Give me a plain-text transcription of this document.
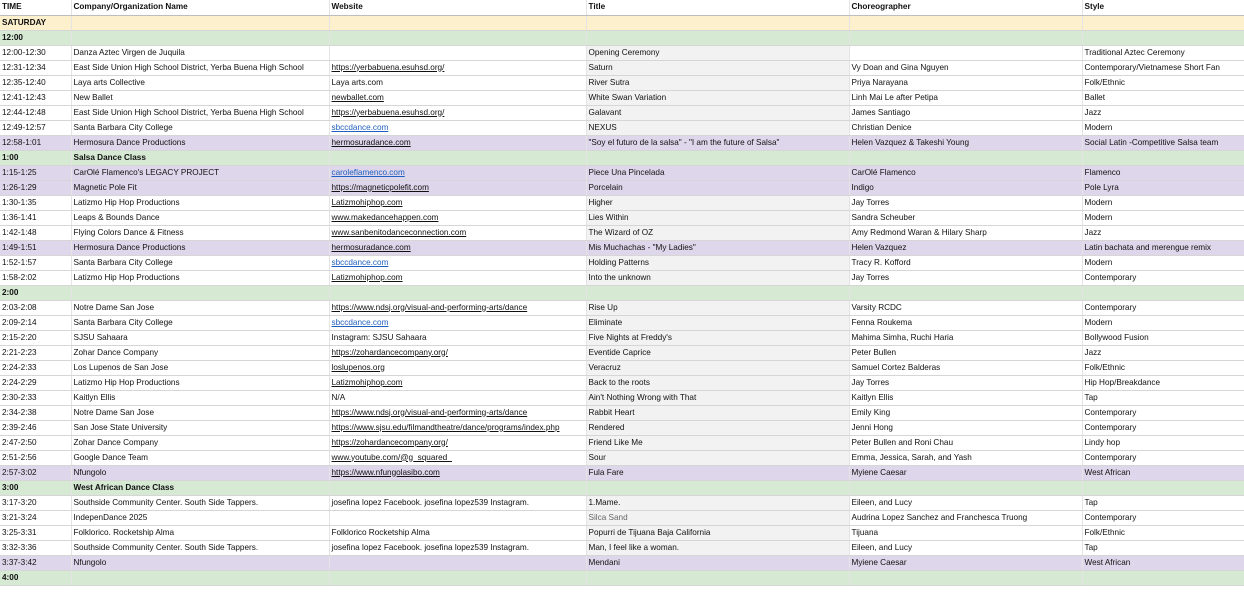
TIME	Company/Organization Name	Website	Title	Choreographer	Style
SATURDAY					
12:00					
12:00-12:30	Danza Aztec Virgen de Juquila		Opening Ceremony		Traditional Aztec Ceremony
12:31-12:34	East Side Union High School District, Yerba Buena High School	https://yerbabuena.esuhsd.org/	Saturn	Vy Doan and Gina Nguyen	Contemporary/Vietnamese Short Fan
12:35-12:40	Laya arts Collective	Laya arts.com	River Sutra	Priya Narayana	Folk/Ethnic
12:41-12:43	New Ballet	newballet.com	White Swan Variation	Linh Mai Le after Petipa	Ballet
12:44-12:48	East Side Union High School District, Yerba Buena High School	https://yerbabuena.esuhsd.org/	Galavant	James Santiago	Jazz
12:49-12:57	Santa Barbara City College	sbccdance.com	NEXUS	Christian Denice	Modern
12:58-1:01	Hermosura Dance Productions	hermosuradance.com	"Soy el futuro de la salsa" - "I am the future of Salsa"	Helen Vazquez & Takeshi Young	Social Latin -Competitive Salsa team
1:00	Salsa Dance Class				
1:15-1:25	CarOlé Flamenco's LEGACY PROJECT	caroleflamenco.com	Piece Una Pincelada	CarOlé Flamenco	Flamenco
1:26-1:29	Magnetic Pole Fit	https://magneticpolefit.com	Porcelain	Indigo	Pole Lyra
1:30-1:35	Latizmo Hip Hop Productions	Latizmohiphop.com	Higher	Jay Torres	Modern
1:36-1:41	Leaps & Bounds Dance	www.makedancehappen.com	Lies Within	Sandra Scheuber	Modern
1:42-1:48	Flying Colors Dance & Fitness	www.sanbenitodanceconnection.com	The Wizard of OZ	Amy Redmond Waran & Hilary Sharp	Jazz
1:49-1:51	Hermosura Dance Productions	hermosuradance.com	Mis Muchachas - "My Ladies"	Helen Vazquez	Latin bachata and merengue remix
1:52-1:57	Santa Barbara City College	sbccdance.com	Holding Patterns	Tracy R. Kofford	Modern
1:58-2:02	Latizmo Hip Hop Productions	Latizmohiphop.com	Into the unknown	Jay Torres	Contemporary
2:00					
2:03-2:08	Notre Dame San Jose	https://www.ndsj.org/visual-and-performing-arts/dance	Rise Up	Varsity RCDC	Contemporary
2:09-2:14	Santa Barbara City College	sbccdance.com	Eliminate	Fenna Roukema	Modern
2:15-2:20	SJSU Sahaara	Instagram: SJSU Sahaara	Five Nights at Freddy's	Mahima Simha, Ruchi Haria	Bollywood Fusion
2:21-2:23	Zohar Dance Company	https://zohardancecompany.org/	Eventide Caprice	Peter Bullen	Jazz
2:24-2:33	Los Lupenos de San Jose	loslupenos.org	Veracruz	Samuel Cortez Balderas	Folk/Ethnic
2:24-2:29	Latizmo Hip Hop Productions	Latizmohiphop.com	Back to the roots	Jay Torres	Hip Hop/Breakdance
2:30-2:33	Kaitlyn Ellis	N/A	Ain't Nothing Wrong with That	Kaitlyn Ellis	Tap
2:34-2:38	Notre Dame San Jose	https://www.ndsj.org/visual-and-performing-arts/dance	Rabbit Heart	Emily King	Contemporary
2:39-2:46	San Jose State University	https://www.sjsu.edu/filmandtheatre/dance/programs/index.php	Rendered	Jenni Hong	Contemporary
2:47-2:50	Zohar Dance Company	https://zohardancecompany.org/	Friend Like Me	Peter Bullen and Roni Chau	Lindy hop
2:51-2:56	Google Dance Team	www.youtube.com/@g_squared_	Sour	Emma, Jessica, Sarah, and Yash	Contemporary
2:57-3:02	Nfungolo	https://www.nfungolasibo.com	Fula Fare	Myiene Caesar	West African
3:00	West African Dance Class				
3:17-3:20	Southside Community Center. South Side Tappers.	josefina lopez Facebook. josefina lopez539 Instagram.	1.Mame.	Eileen, and Lucy	Tap
3:21-3:24	IndepenDance 2025		Silca Sand	Audrina Lopez Sanchez and Franchesca Truong	Contemporary
3:25-3:31	Folklorico. Rocketship Alma	Folklorico Rocketship Alma	Popurri de Tijuana Baja California	Tijuana	Folk/Ethnic
3:32-3:36	Southside Community Center. South Side Tappers.	josefina lopez Facebook. josefina lopez539 Instagram.	Man, I feel like a woman.	Eileen, and Lucy	Tap
3:37-3:42	Nfungolo		Mendani	Myiene Caesar	West African
4:00					
